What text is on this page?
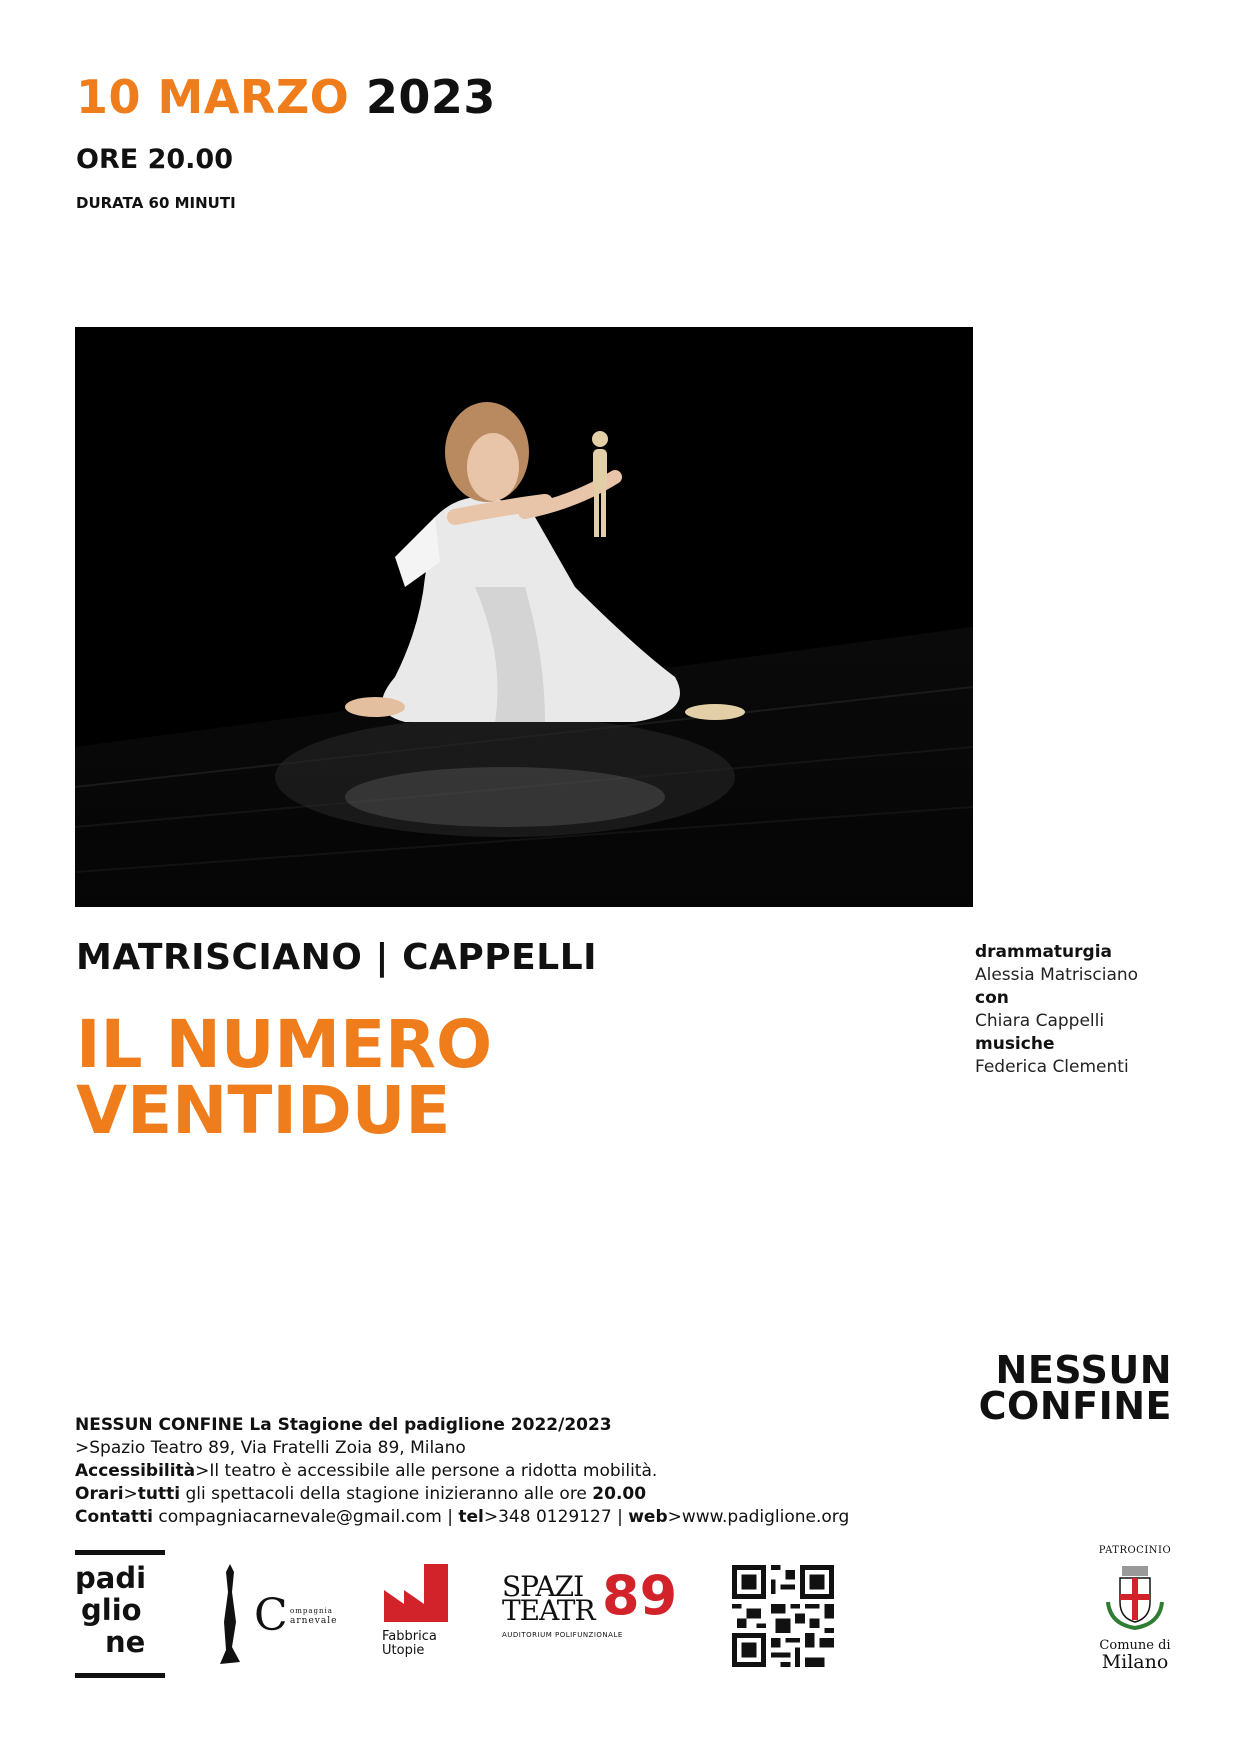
10 MARZO 2023
ORE 20.00
DURATA 60 MINUTI
MATRISCIANO | CAPPELLI
IL NUMERO
VENTIDUE
drammaturgia
Alessia Matrisciano
con
Chiara Cappelli
musiche
Federica Clementi
NESSUN
CONFINE
NESSUN CONFINE La Stagione del padiglione 2022/2023
>Spazio Teatro 89, Via Fratelli Zoia 89, Milano
Accessibilità>Il teatro è accessibile alle persone a ridotta mobilità.
Orari>tutti gli spettacoli della stagione inizieranno alle ore 20.00
Contatti compagniacarnevale@gmail.com | tel>348 0129127 | web>www.padiglione.org
padi
glio
ne
C ompagnia
arnevale
Fabbrica
Utopie
SPAZI
TEATR 89
AUDITORIUM POLIFUNZIONALE
PATROCINIO
Comune di
Milano
